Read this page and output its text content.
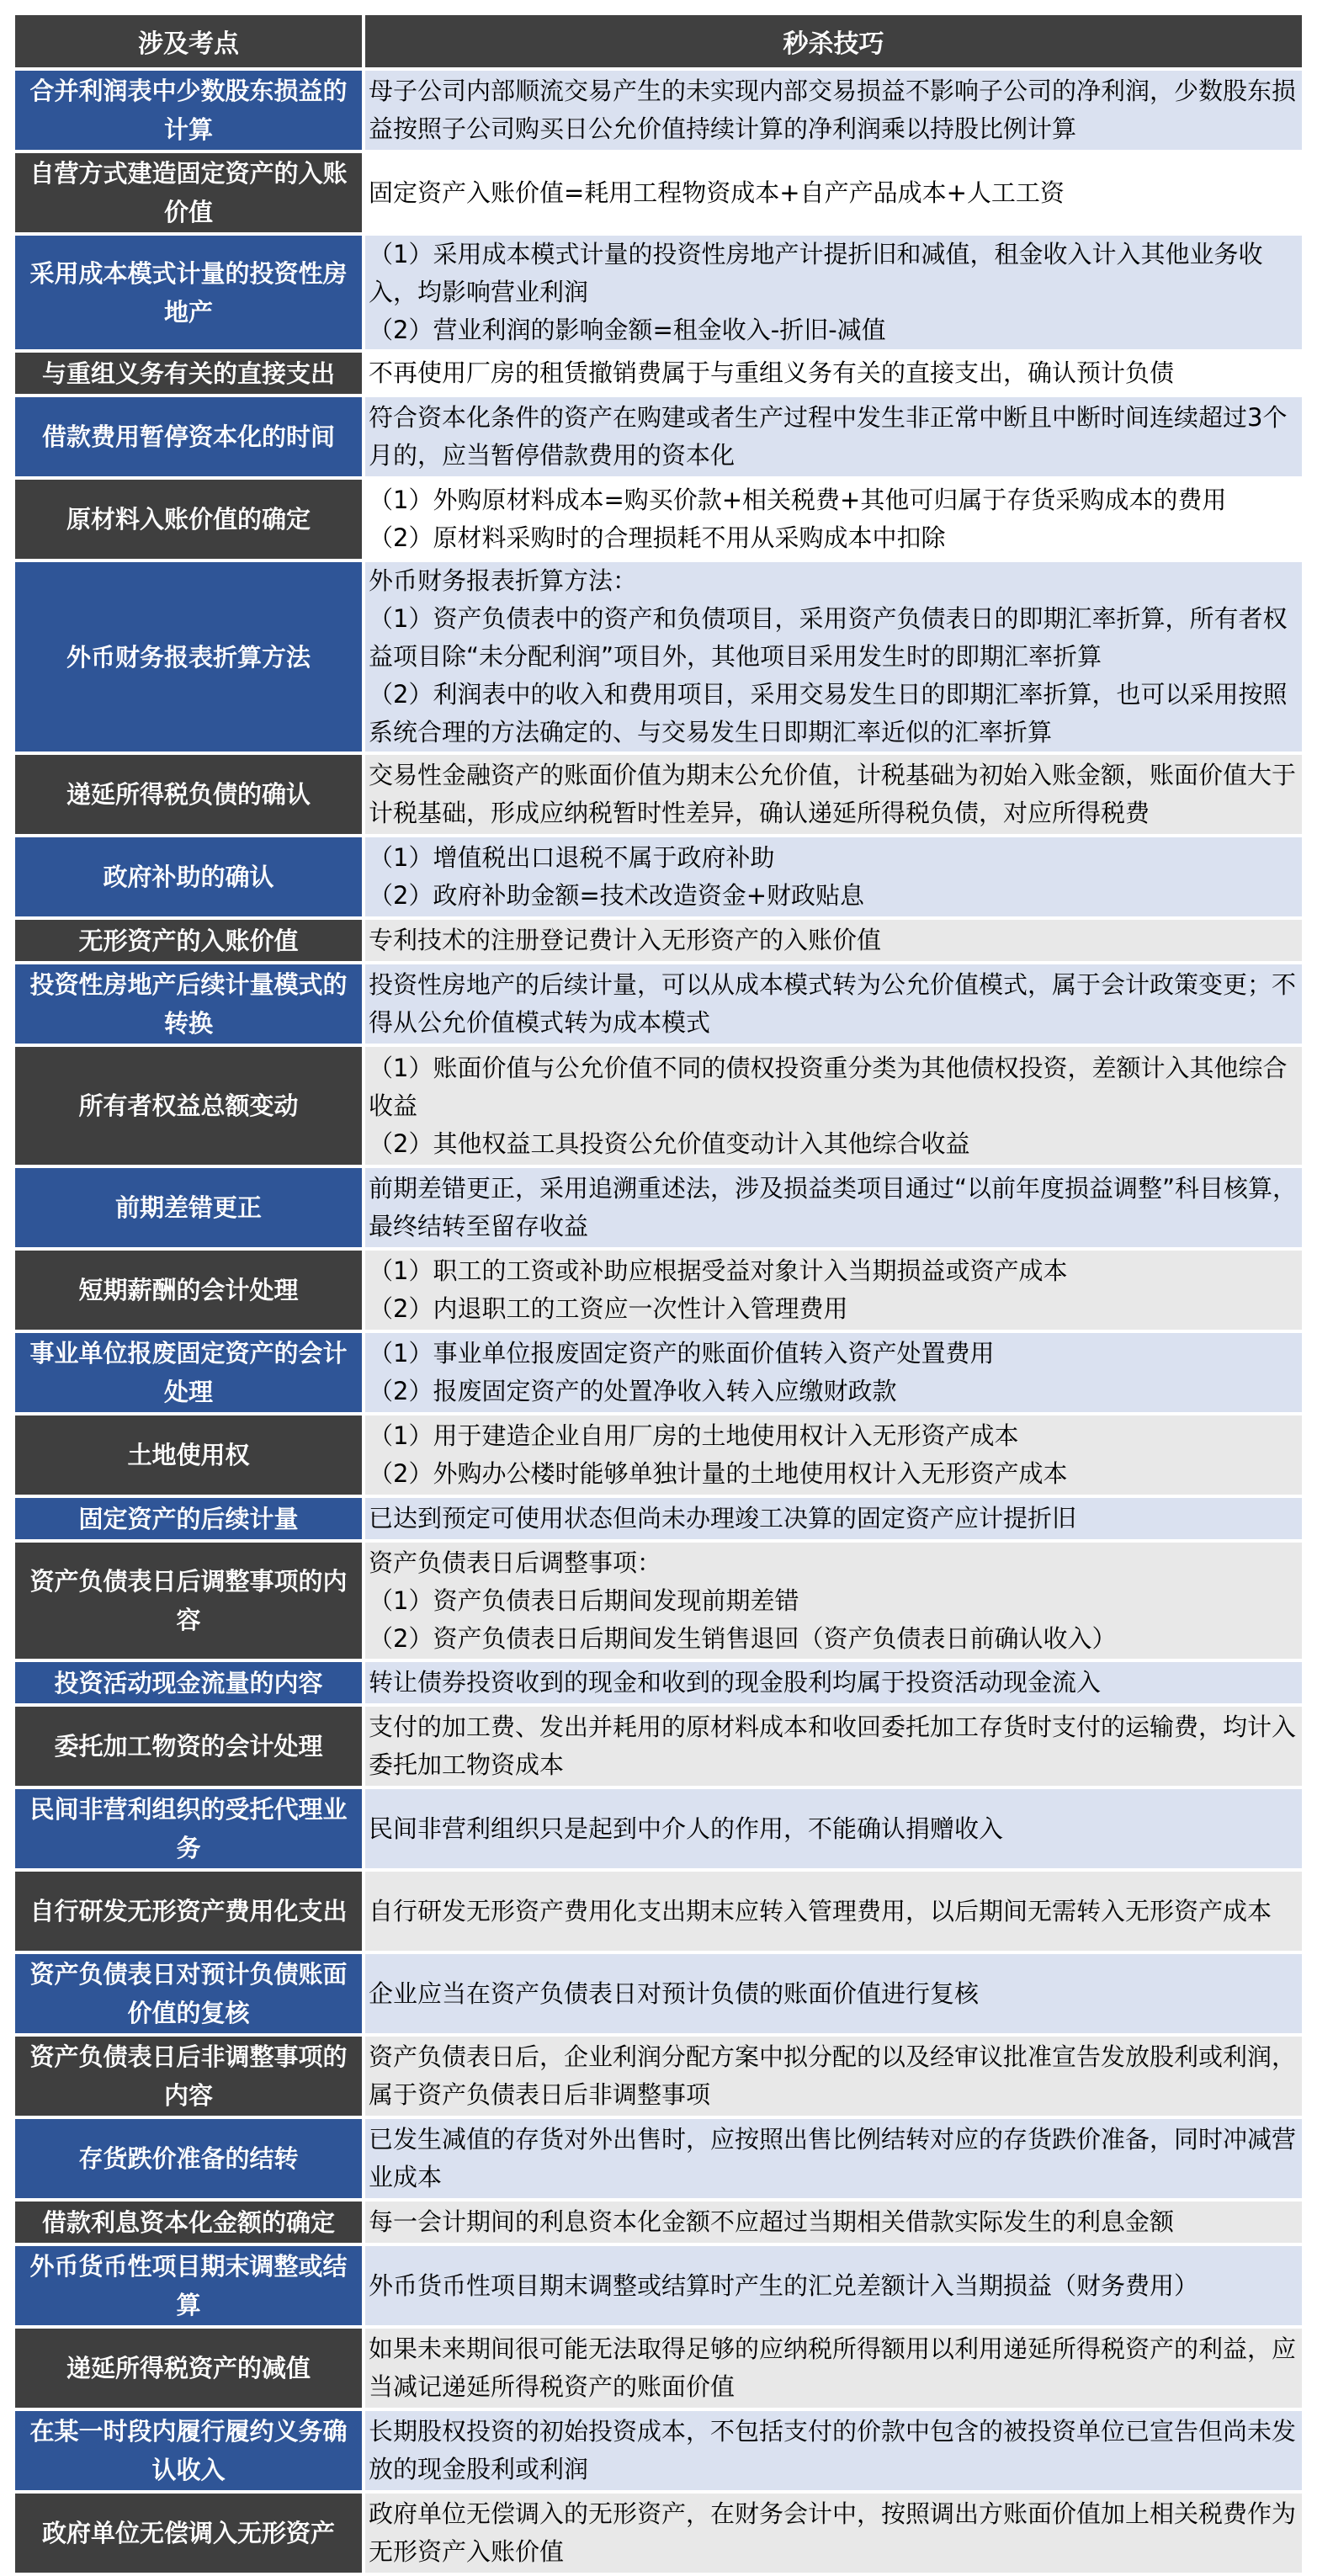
涉及考点	秒杀技巧
合并利润表中少数股东损益的计算	母子公司内部顺流交易产生的未实现内部交易损益不影响子公司的净利润，少数股东损益按照子公司购买日公允价值持续计算的净利润乘以持股比例计算

自营方式建造固定资产的入账价值	固定资产入账价值=耗用工程物资成本+自产产品成本+人工工资

采用成本模式计量的投资性房地产	（1）采用成本模式计量的投资性房地产计提折旧和减值，租金收入计入其他业务收入，均影响营业利润
（2）营业利润的影响金额=租金收入-折旧-减值

与重组义务有关的直接支出	不再使用厂房的租赁撤销费属于与重组义务有关的直接支出，确认预计负债

借款费用暂停资本化的时间	符合资本化条件的资产在购建或者生产过程中发生非正常中断且中断时间连续超过3个月的，应当暂停借款费用的资本化

原材料入账价值的确定	（1）外购原材料成本=购买价款+相关税费+其他可归属于存货采购成本的费用
（2）原材料采购时的合理损耗不用从采购成本中扣除

外币财务报表折算方法	外币财务报表折算方法：
（1）资产负债表中的资产和负债项目，采用资产负债表日的即期汇率折算，所有者权益项目除“未分配利润”项目外，其他项目采用发生时的即期汇率折算
（2）利润表中的收入和费用项目，采用交易发生日的即期汇率折算，也可以采用按照系统合理的方法确定的、与交易发生日即期汇率近似的汇率折算

递延所得税负债的确认	交易性金融资产的账面价值为期末公允价值，计税基础为初始入账金额，账面价值大于计税基础，形成应纳税暂时性差异，确认递延所得税负债，对应所得税费

政府补助的确认	（1）增值税出口退税不属于政府补助
（2）政府补助金额=技术改造资金+财政贴息

无形资产的入账价值	专利技术的注册登记费计入无形资产的入账价值

投资性房地产后续计量模式的转换	投资性房地产的后续计量，可以从成本模式转为公允价值模式，属于会计政策变更；不得从公允价值模式转为成本模式

所有者权益总额变动	（1）账面价值与公允价值不同的债权投资重分类为其他债权投资，差额计入其他综合收益
（2）其他权益工具投资公允价值变动计入其他综合收益

前期差错更正	前期差错更正，采用追溯重述法，涉及损益类项目通过“以前年度损益调整”科目核算，最终结转至留存收益

短期薪酬的会计处理	（1）职工的工资或补助应根据受益对象计入当期损益或资产成本
（2）内退职工的工资应一次性计入管理费用

事业单位报废固定资产的会计处理	（1）事业单位报废固定资产的账面价值转入资产处置费用
（2）报废固定资产的处置净收入转入应缴财政款

土地使用权	（1）用于建造企业自用厂房的土地使用权计入无形资产成本
（2）外购办公楼时能够单独计量的土地使用权计入无形资产成本

固定资产的后续计量	已达到预定可使用状态但尚未办理竣工决算的固定资产应计提折旧

资产负债表日后调整事项的内容	资产负债表日后调整事项：
（1）资产负债表日后期间发现前期差错
（2）资产负债表日后期间发生销售退回（资产负债表日前确认收入）

投资活动现金流量的内容	转让债券投资收到的现金和收到的现金股利均属于投资活动现金流入

委托加工物资的会计处理	支付的加工费、发出并耗用的原材料成本和收回委托加工存货时支付的运输费，均计入委托加工物资成本

民间非营利组织的受托代理业务	民间非营利组织只是起到中介人的作用，不能确认捐赠收入

自行研发无形资产费用化支出	自行研发无形资产费用化支出期末应转入管理费用，以后期间无需转入无形资产成本

资产负债表日对预计负债账面价值的复核	企业应当在资产负债表日对预计负债的账面价值进行复核

资产负债表日后非调整事项的内容	资产负债表日后，企业利润分配方案中拟分配的以及经审议批准宣告发放股利或利润，属于资产负债表日后非调整事项

存货跌价准备的结转	已发生减值的存货对外出售时，应按照出售比例结转对应的存货跌价准备，同时冲减营业成本

借款利息资本化金额的确定	每一会计期间的利息资本化金额不应超过当期相关借款实际发生的利息金额

外币货币性项目期末调整或结算	外币货币性项目期末调整或结算时产生的汇兑差额计入当期损益（财务费用）

递延所得税资产的减值	如果未来期间很可能无法取得足够的应纳税所得额用以利用递延所得税资产的利益，应当减记递延所得税资产的账面价值

在某一时段内履行履约义务确认收入	长期股权投资的初始投资成本，不包括支付的价款中包含的被投资单位已宣告但尚未发放的现金股利或利润

政府单位无偿调入无形资产	政府单位无偿调入的无形资产，在财务会计中，按照调出方账面价值加上相关税费作为无形资产入账价值
